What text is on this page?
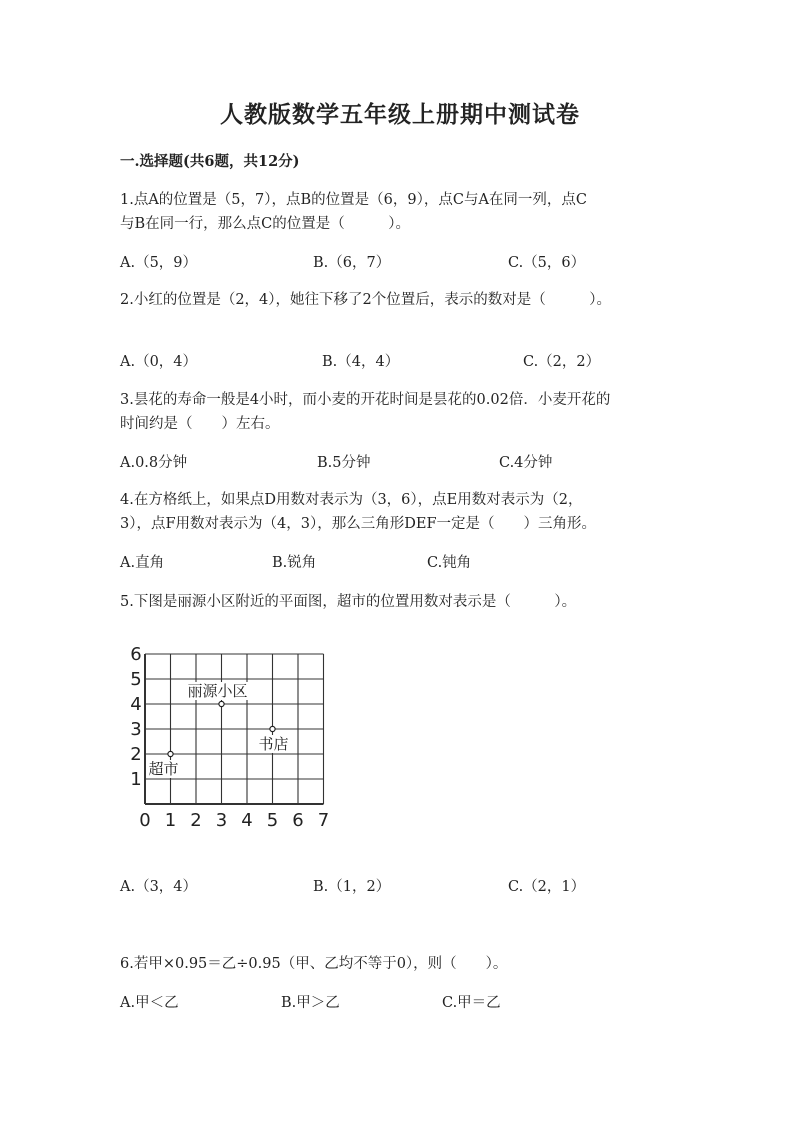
人教版数学五年级上册期中测试卷
一.选择题(共6题，共12分)
1.点A的位置是（5，7），点B的位置是（6，9），点C与A在同一列，点C
与B在同一行，那么点C的位置是（　　　）。
A.（5，9）	B.（6，7）	C.（5，6）
2.小红的位置是（2，4），她往下移了2个位置后，表示的数对是（　　　）。
A.（0，4）	B.（4，4）	C.（2，2）
3.昙花的寿命一般是4小时，而小麦的开花时间是昙花的0.02倍．小麦开花的
时间约是（　　）左右。
A.0.8分钟	B.5分钟	C.4分钟
4.在方格纸上，如果点D用数对表示为（3，6），点E用数对表示为（2，
3），点F用数对表示为（4，3），那么三角形DEF一定是（　　）三角形。
A.直角	B.锐角	C.钝角
5.下图是丽源小区附近的平面图，超市的位置用数对表示是（　　　）。
0 1 2 3 4 5 6 7
1
2
3
4
5
6
丽源小区
书店
超市
A.（3，4）	B.（1，2）	C.（2，1）
6.若甲×0.95＝乙÷0.95（甲、乙均不等于0），则（　　）。
A.甲＜乙	B.甲＞乙	C.甲＝乙
